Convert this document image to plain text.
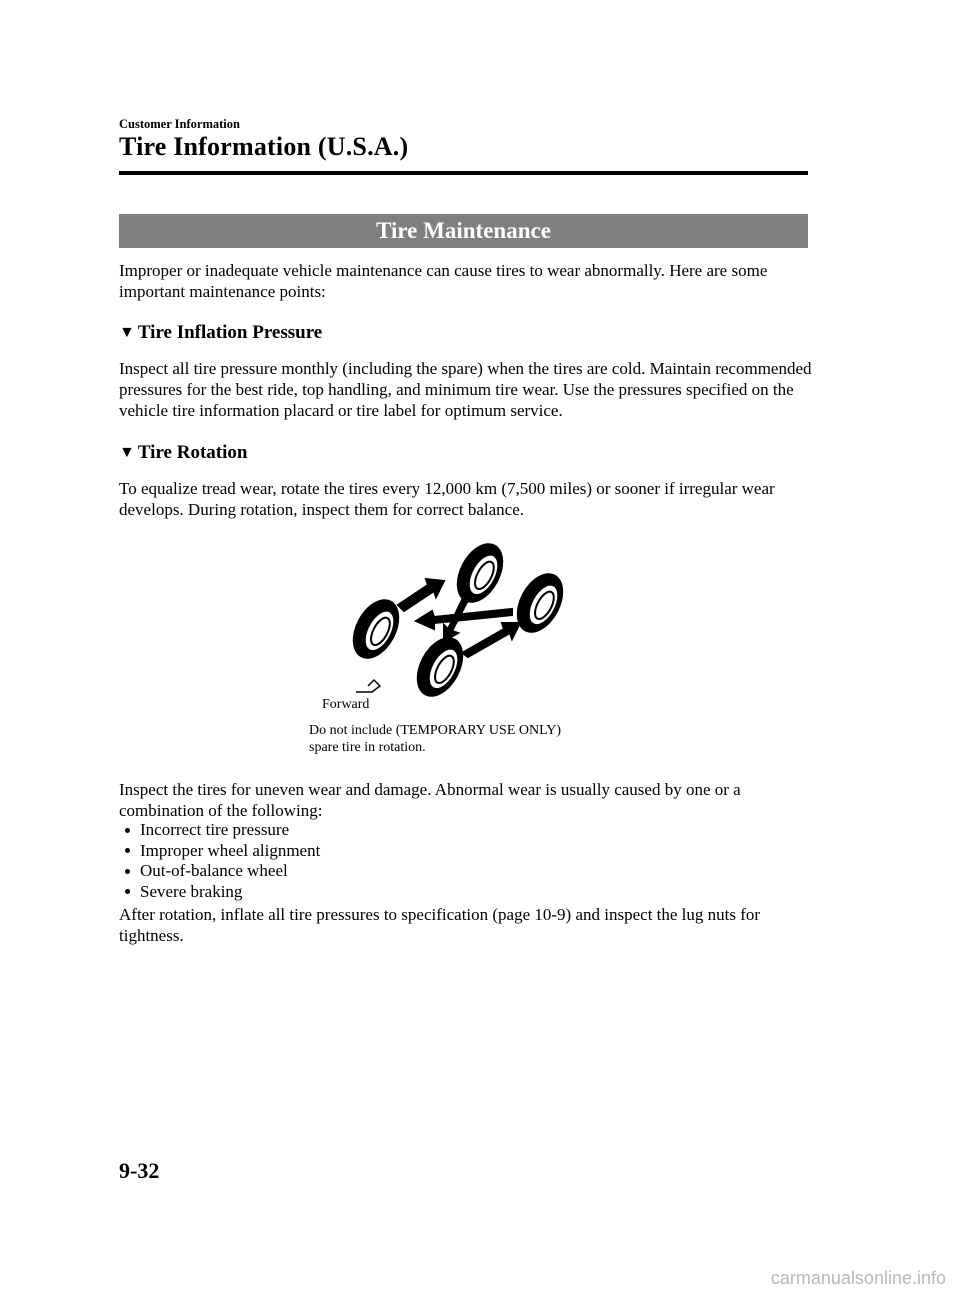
Customer Information
Tire Information (U.S.A.)
Tire Maintenance
Improper or inadequate vehicle maintenance can cause tires to wear abnormally. Here are some important maintenance points:
▼ Tire Inflation Pressure
Inspect all tire pressure monthly (including the spare) when the tires are cold. Maintain recommended pressures for the best ride, top handling, and minimum tire wear. Use the pressures specified on the vehicle tire information placard or tire label for optimum service.
▼ Tire Rotation
To equalize tread wear, rotate the tires every 12,000 km (7,500 miles) or sooner if irregular wear develops. During rotation, inspect them for correct balance.
Forward
Do not include (TEMPORARY USE ONLY)
spare tire in rotation.
Inspect the tires for uneven wear and damage. Abnormal wear is usually caused by one or a combination of the following:
Incorrect tire pressure
Improper wheel alignment
Out-of-balance wheel
Severe braking
After rotation, inflate all tire pressures to specification (page 10-9) and inspect the lug nuts for tightness.
9-32
carmanualsonline.info
